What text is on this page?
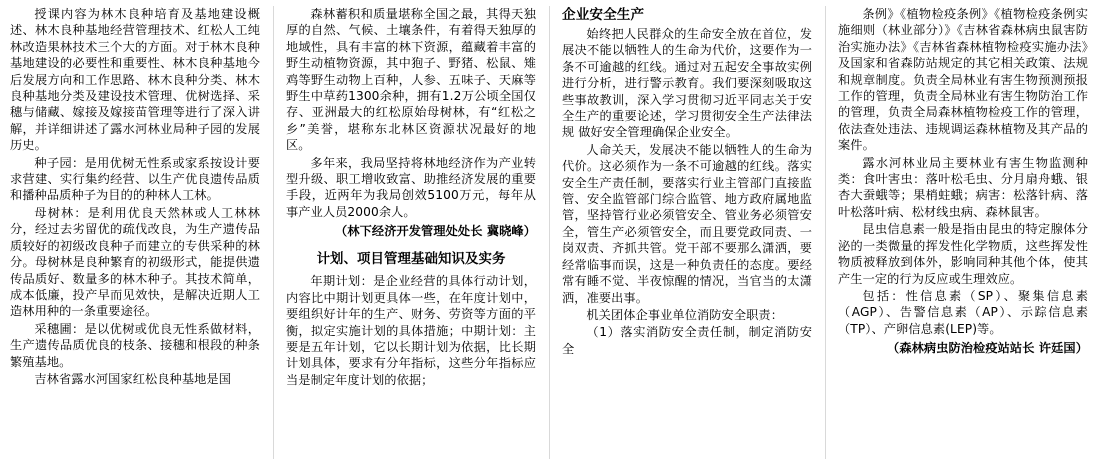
授课内容为林木良种培育及基地建设概述、林木良种基地经营管理技术、红松人工纯林改造果林技术三个大的方面。对于林木良种基地建设的必要性和重要性、林木良种基地今后发展方向和工作思路、林木良种分类、林木良种基地分类及建设技术管理、优树选择、采穗与储藏、嫁接及嫁接苗管理等进行了深入讲解，并详细讲述了露水河林业局种子园的发展历史。

种子园：是用优树无性系或家系按设计要求营建、实行集约经营、以生产优良遗传品质和播种品质种子为目的的种林人工林。

母树林：是利用优良天然林或人工林林分，经过去劣留优的疏伐改良，为生产遗传品质较好的初级改良种子而建立的专供采种的林分。母树林是良种繁育的初级形式，能提供遗传品质好、数量多的林木种子。其技术简单，成本低廉，投产早而见效快，是解决近期人工造林用种的一条重要途径。

采穗圃：是以优树或优良无性系做材料，生产遗传品质优良的枝条、接穗和根段的种条繁殖基地。

吉林省露水河国家红松良种基地是国

森林蓄积和质量堪称全国之最，其得天独厚的自然、气候、土壤条件，有着得天独厚的地域性，具有丰富的林下资源，蕴藏着丰富的野生动植物资源，其中狍子、野猪、松鼠、雉鸡等野生动物上百种，人参、五味子、天麻等野生中草药1300余种，拥有1.2万公顷全国仅存、亚洲最大的红松原始母树林，有“红松之乡”美誉，堪称东北林区资源状况最好的地区。

多年来，我局坚持将林地经济作为产业转型升级、职工增收致富、助推经济发展的重要手段，近两年为我局创效5100万元，每年从事产业人员2000余人。

（林下经济开发管理处处长 冀晓峰）

计划、项目管理基础知识及实务

年期计划：是企业经营的具体行动计划，内容比中期计划更具体一些，在年度计划中，要组织好计年的生产、财务、劳资等方面的平衡，拟定实施计划的具体措施；中期计划：主要是五年计划，它以长期计划为依据，比长期计划具体，要求有分年指标，这些分年指标应当是制定年度计划的依据；

企业安全生产

始终把人民群众的生命安全放在首位，发展决不能以牺牲人的生命为代价，这要作为一条不可逾越的红线。通过对五起安全事故实例进行分析，进行警示教育。我们要深刻吸取这些事故教训，深入学习贯彻习近平同志关于安全生产的重要论述，学习贯彻安全生产法律法规 做好安全管理确保企业安全。

人命关天，发展决不能以牺牲人的生命为代价。这必须作为一条不可逾越的红线。落实安全生产责任制，要落实行业主管部门直接监管、安全监管部门综合监管、地方政府属地监管，坚持管行业必须管安全、管业务必须管安全，管生产必须管安全，而且要党政同责、一岗双责、齐抓共管。党干部不要那么潇洒，要经常临事而误，这是一种负责任的态度。要经常有睡不觉、半夜惊醒的情况，当官当的太潇洒，准要出事。

机关团体企事业单位消防安全职责：

（1）落实消防安全责任制，制定消防安全

条例》《植物检疫条例》《植物检疫条例实施细则（林业部分）》《吉林省森林病虫鼠害防治实施办法》《吉林省森林植物检疫实施办法》及国家和省森防站规定的其它相关政策、法规和规章制度。负责全局林业有害生物预测预报工作的管理，负责全局林业有害生物防治工作的管理，负责全局森林植物检疫工作的管理，依法查处违法、违规调运森林植物及其产品的案件。

露水河林业局主要林业有害生物监测种类：食叶害虫：落叶松毛虫、分月扇舟蛾、银杏大蚕蛾等；果梢蛀蛾；病害：松落针病、落叶松落叶病、松材线虫病、森林鼠害。

昆虫信息素一般是指由昆虫的特定腺体分泌的一类微量的挥发性化学物质，这些挥发性物质被释放到体外，影响同种其他个体，使其产生一定的行为反应或生理效应。

包括：性信息素（SP）、聚集信息素（AGP）、告警信息素（AP）、示踪信息素（TP）、产卵信息素(LEP)等。

（森林病虫防治检疫站站长 许廷国）
